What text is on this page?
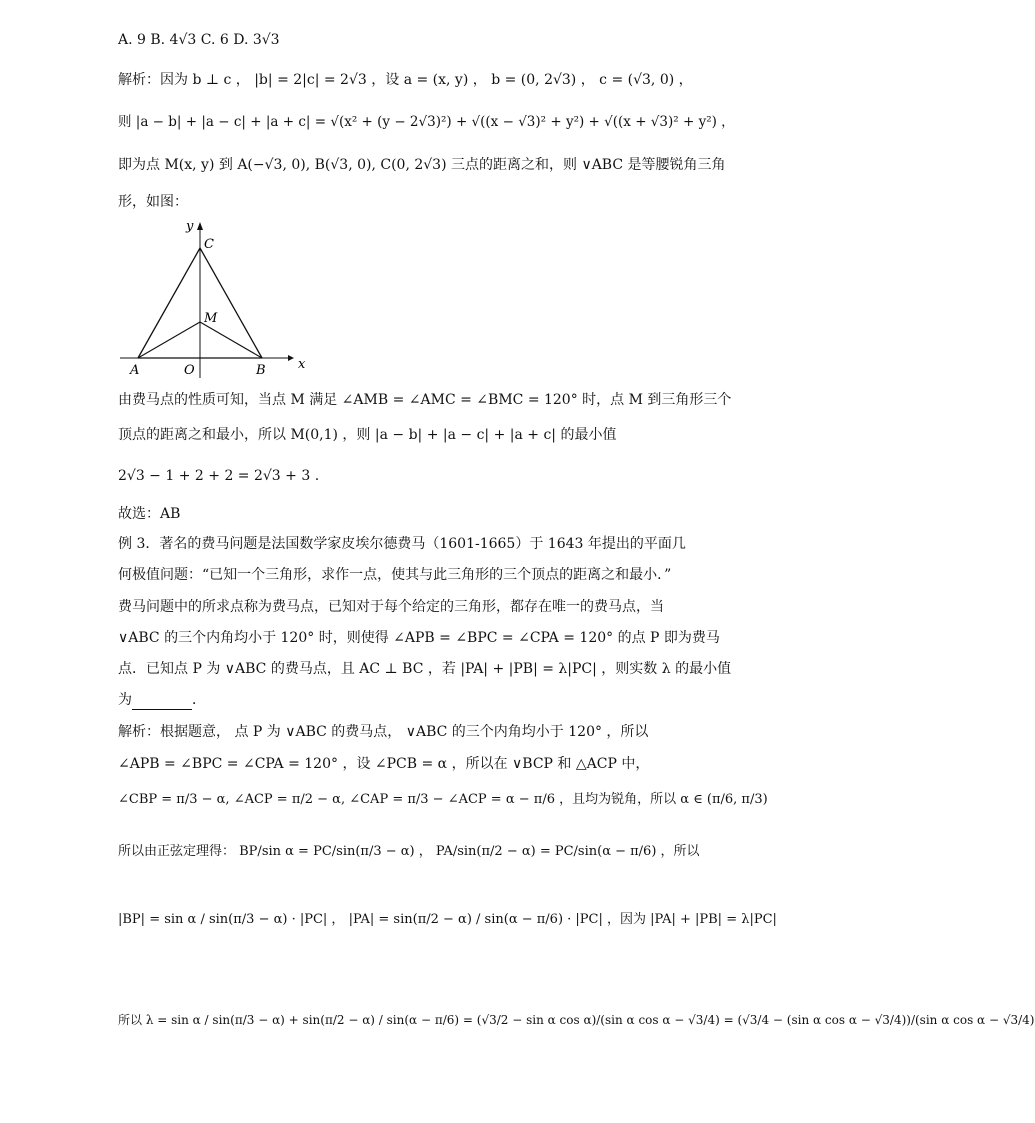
A. 9 B. 4√3 C. 6 D. 3√3
解析：因为 b ⊥ c ， |b| = 2|c| = 2√3 ，设 a = (x, y) ， b = (0, 2√3) ， c = (√3, 0) ，
则 |a − b| + |a − c| + |a + c| = √(x² + (y − 2√3)²) + √((x − √3)² + y²) + √((x + √3)² + y²) ，
即为点 M(x, y) 到 A(−√3, 0), B(√3, 0), C(0, 2√3) 三点的距离之和，则 ∨ABC 是等腰锐角三角
形，如图：
y
x
C
M
A	O	B
由费马点的性质可知，当点 M 满足 ∠AMB = ∠AMC = ∠BMC = 120° 时，点 M 到三角形三个
顶点的距离之和最小，所以 M(0,1) ，则 |a − b| + |a − c| + |a + c| 的最小值
2√3 − 1 + 2 + 2 = 2√3 + 3 .
故选：AB
例 3．著名的费马问题是法国数学家皮埃尔德费马（1601-1665）于 1643 年提出的平面几
何极值问题：“已知一个三角形，求作一点，使其与此三角形的三个顶点的距离之和最小．”
费马问题中的所求点称为费马点，已知对于每个给定的三角形，都存在唯一的费马点，当
∨ABC 的三个内角均小于 120° 时，则使得 ∠APB = ∠BPC = ∠CPA = 120° 的点 P 即为费马
点．已知点 P 为 ∨ABC 的费马点，且 AC ⊥ BC ，若 |PA| + |PB| = λ|PC| ，则实数 λ 的最小值
为	．
解析：根据题意， 点 P 为 ∨ABC 的费马点， ∨ABC 的三个内角均小于 120° ，所以
∠APB = ∠BPC = ∠CPA = 120° ，设 ∠PCB = α ，所以在 ∨BCP 和 △ACP 中，
∠CBP = π/3 − α, ∠ACP = π/2 − α, ∠CAP = π/3 − ∠ACP = α − π/6 ，且均为锐角，所以 α ∈ (π/6, π/3)
所以由正弦定理得： BP/sin α = PC/sin(π/3 − α) ， PA/sin(π/2 − α) = PC/sin(α − π/6) ，所以
|BP| = sin α / sin(π/3 − α) · |PC| ， |PA| = sin(π/2 − α) / sin(α − π/6) · |PC| ，因为 |PA| + |PB| = λ|PC|
所以 λ = sin α / sin(π/3 − α) + sin(π/2 − α) / sin(α − π/6) = (√3/2 − sin α cos α)/(sin α cos α − √3/4) = (√3/4 − (sin α cos α − √3/4))/(sin α cos α − √3/4)
